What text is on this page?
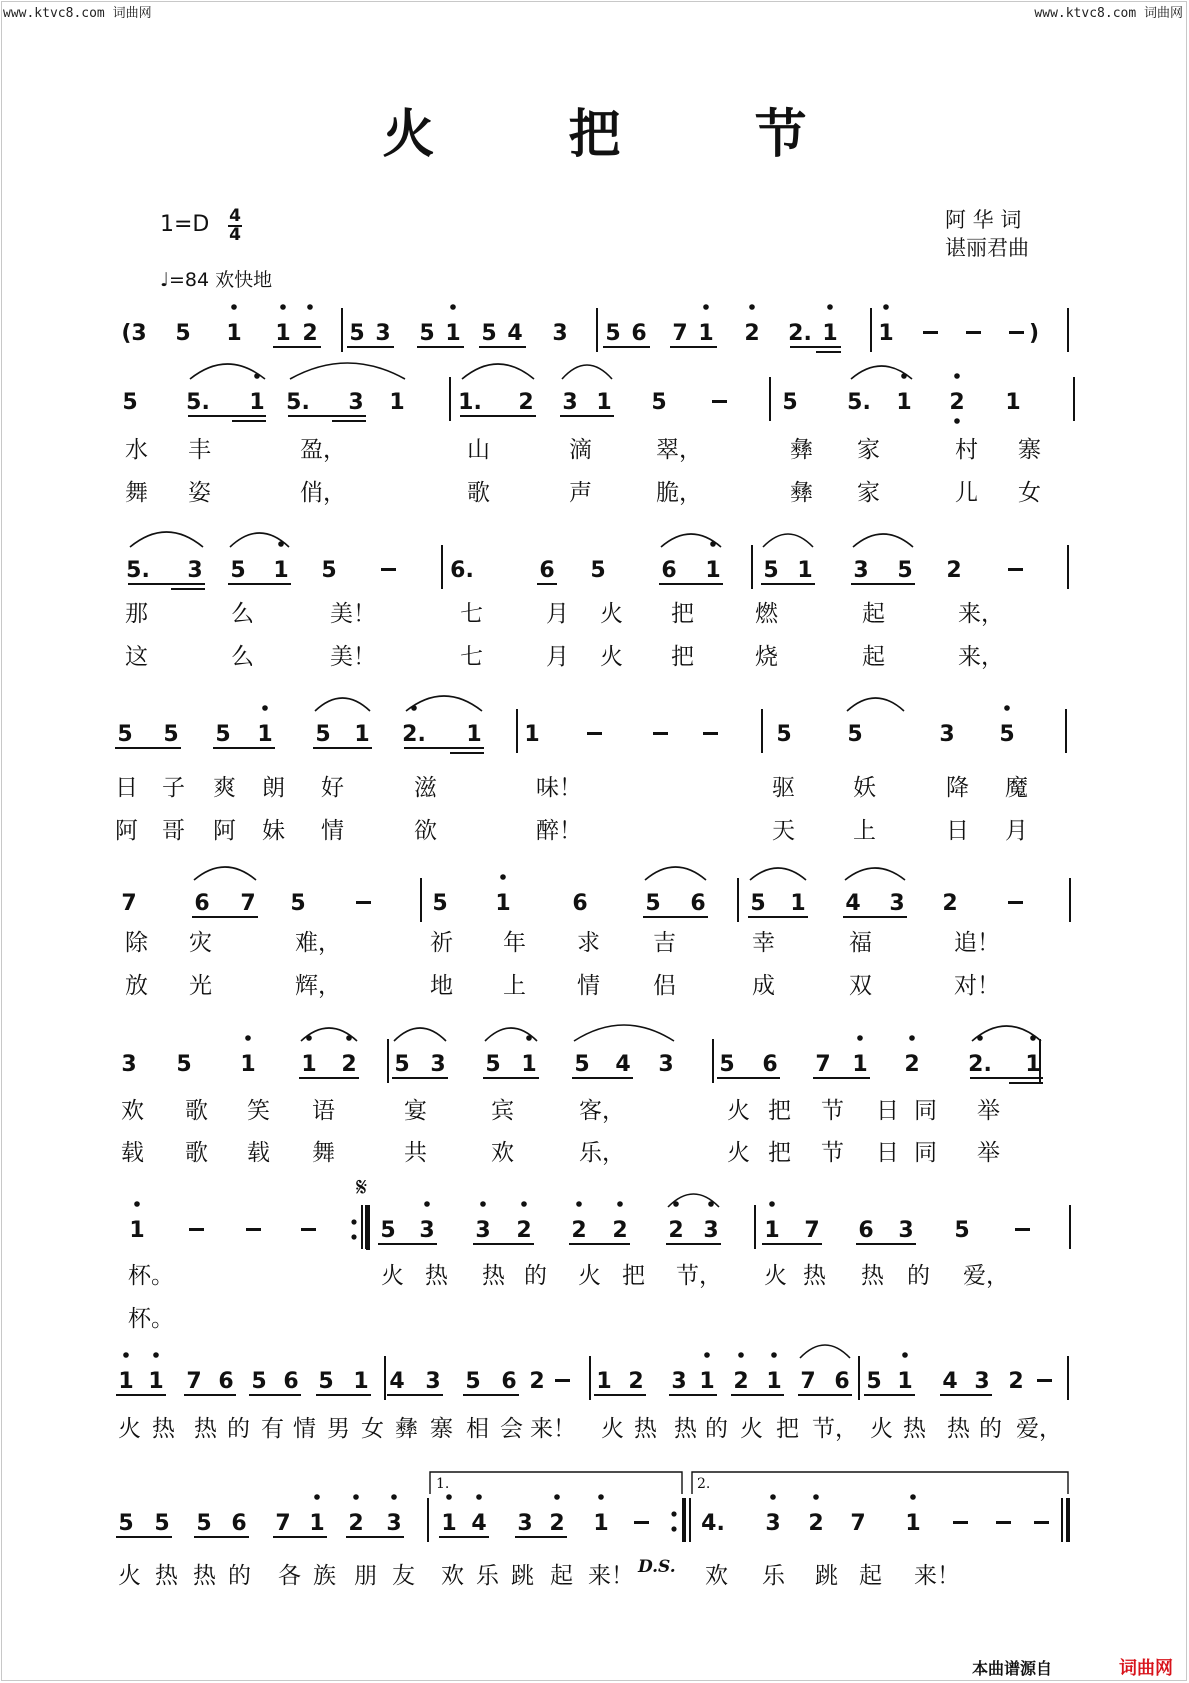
www.ktvc8.com 词曲网	www.ktvc8.com 词曲网
火 把 节
1=D 4
4
♩=84 欢快地
阿 华 词
谌丽君曲
(3 5 1 1 2 5 3 5 1 5 4 3 5 6 7 1 2 2. 1 1	)
5 5. 1 5. 3 1 1. 2 3 1 5	5 5. 1 2 1
水 丰	盈，	山	滴	翠，	彝 家	村 寨
舞 姿	俏，	歌	声	脆，	彝 家	儿 女
5. 3 5 1 5	6.	6 5	6 1 5 1 3 5 2
那	么	美！	七	月 火 把	燃	起	来，
这	么	美！	七	月 火 把	烧	起	来，
5 5 5 1 5 1 2. 1 1	5	5	3 5
日 子 爽 朗 好	滋	味！	驱	妖	降 魔
阿 哥 阿 妹 情	欲	醉！	天	上	日 月
7	6 7 5	5 1	6	5 6 5 1 4 3 2
除 灾	难，	祈 年 求 吉	幸	福	追！
放 光	辉，	地 上 情 侣	成	双	对！
3 5 1 1 2 5 3 5 1 5 4 3 5 6 7 1 2 2. 1
欢 歌 笑 语	宴	宾	客，	火 把 节 日 同 举
载 歌 载 舞	共	欢	乐，	火 把 节 日 同 举
1	5 3 3 2 2 2 2 3 1 7 6 3 5
杯。	火 热 热 的 火 把 节， 火 热 热 的 爱，
杯。
1 1 7 6 5 6 5 1 4 3 5 6 2 1 2 3 1 2 1 7 6 5 1 4 3 2
火 热 热 的 有 情 男 女 彝 寨 相 会 来！ 火 热 热 的 火 把 节， 火 热 热 的 爱，
5 5 5 6 7 1 2 3 1 4 3 2 1	4. 3 2 7 1
火 热 热 的 各 族 朋 友 欢 乐 跳 起 来！	欢 乐 跳 起 来！
𝄋
1.	2.
D.S.
本曲谱源自	词曲网
